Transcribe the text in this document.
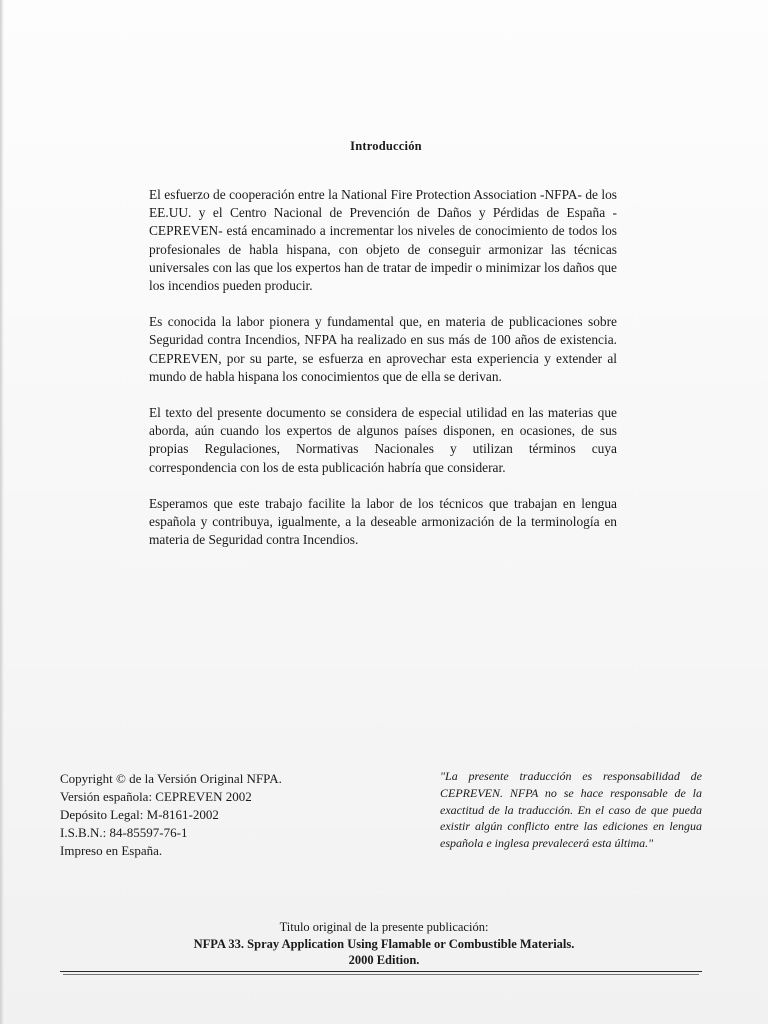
Introducción

El esfuerzo de cooperación entre la National Fire Protection Association -NFPA- de los EE.UU. y el Centro Nacional de Prevención de Daños y Pérdidas de España -CEPREVEN- está encaminado a incrementar los niveles de conocimiento de todos los profesionales de habla hispana, con objeto de conseguir armonizar las técnicas universales con las que los expertos han de tratar de impedir o minimizar los daños que los incendios pueden producir.

Es conocida la labor pionera y fundamental que, en materia de publicaciones sobre Seguridad contra Incendios, NFPA ha realizado en sus más de 100 años de existencia. CEPREVEN, por su parte, se esfuerza en aprovechar esta experiencia y extender al mundo de habla hispana los conocimientos que de ella se derivan.

El texto del presente documento se considera de especial utilidad en las materias que aborda, aún cuando los expertos de algunos países disponen, en ocasiones, de sus propias Regulaciones, Normativas Nacionales y utilizan términos cuya correspondencia con los de esta publicación habría que considerar.

Esperamos que este trabajo facilite la labor de los técnicos que trabajan en lengua española y contribuya, igualmente, a la deseable armonización de la terminología en materia de Seguridad contra Incendios.

Copyright © de la Versión Original NFPA.
Versión española: CEPREVEN 2002
Depósito Legal: M-8161-2002
I.S.B.N.: 84-85597-76-1
Impreso en España.
"La presente traducción es responsabilidad de CEPREVEN. NFPA no se hace responsable de la exactitud de la traducción. En el caso de que pueda existir algún conflicto entre las ediciones en lengua española e inglesa prevalecerá esta última."
Titulo original de la presente publicación:
NFPA 33. Spray Application Using Flamable or Combustible Materials.
2000 Edition.
